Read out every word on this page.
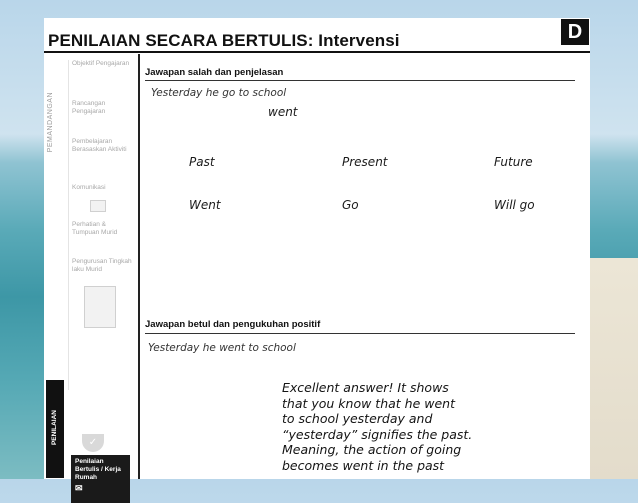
PENILAIAN SECARA BERTULIS: Intervensi	D
PEMANDANGAN
Objektif Pengajaran
Rancangan Pengajaran
Pembelajaran Berasaskan Aktiviti
Komunikasi
Perhatian & Tumpuan Murid
Pengurusan Tingkah laku Murid
PENILAIAN	✓
Penilaian Bertulis / Kerja Rumah
✉
Jawapan salah dan penjelasan
Yesterday he go to school
went
Past	Present	Future
Went	Go	Will go
Jawapan betul dan pengukuhan positif
Yesterday he went to school
Excellent answer! It shows
that you know that he went
to school yesterday and
“yesterday” signifies the past.
Meaning, the action of going
becomes went in the past
